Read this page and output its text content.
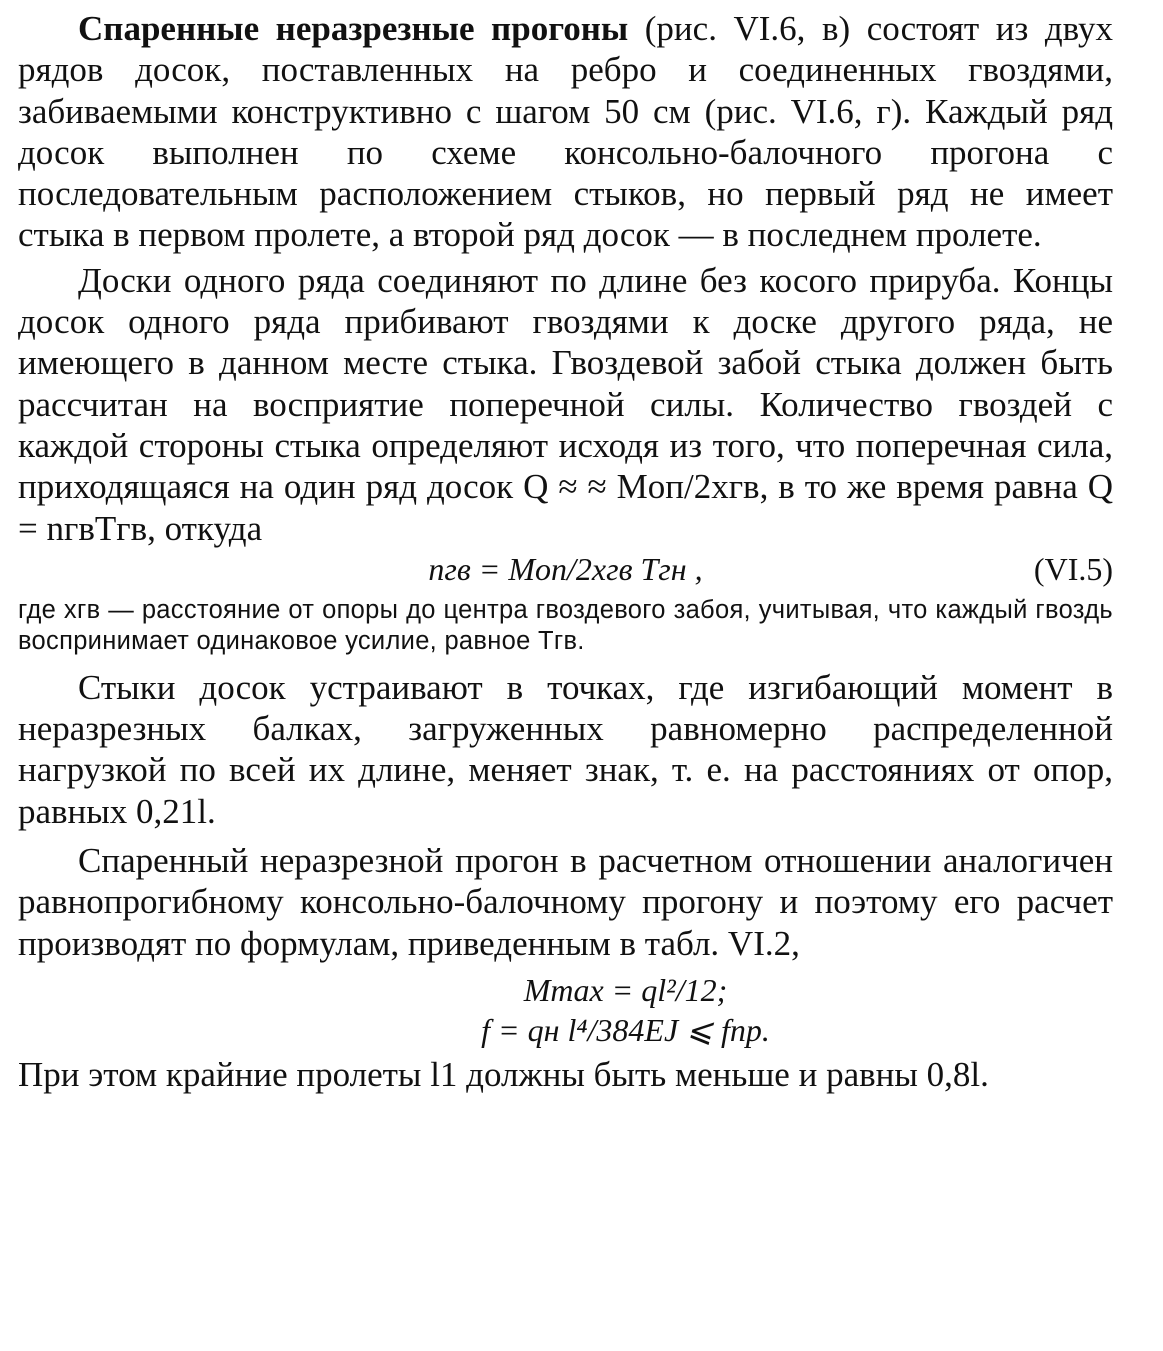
Спаренные неразрезные прогоны (рис. VI.6, в) состоят из двух рядов досок, поставленных на ребро и соединенных гвоздями, забиваемыми конструктивно с шагом 50 см (рис. VI.6, г). Каждый ряд досок выполнен по схеме консольно-балочного прогона с последовательным расположением стыков, но первый ряд не имеет стыка в первом пролете, а второй ряд досок — в последнем пролете.

Доски одного ряда соединяют по длине без косого прируба. Концы досок одного ряда прибивают гвоздями к доске другого ряда, не имеющего в данном месте стыка. Гвоздевой забой стыка должен быть рассчитан на восприятие поперечной силы. Количество гвоздей с каждой стороны стыка определяют исходя из того, что поперечная сила, приходящаяся на один ряд досок Q ≈ ≈ Mоп/2xгв, в то же время равна Q = nгвTгв, откуда

nгв = Mоп/2xгв Tгн ,	(VI.5)

где xгв — расстояние от опоры до центра гвоздевого забоя, учитывая, что каждый гвоздь воспринимает одинаковое усилие, равное Tгв.

Стыки досок устраивают в точках, где изгибающий момент в неразрезных балках, загруженных равномерно распределенной нагрузкой по всей их длине, меняет знак, т. е. на расстояниях от опор, равных 0,21l.

Спаренный неразрезной прогон в расчетном отношении аналогичен равнопрогибному консольно-балочному прогону и поэтому его расчет производят по формулам, приведенным в табл. VI.2,

Mmax = ql²/12;
f = qн l⁴/384EJ ⩽ fпр.

При этом крайние пролеты l1 должны быть меньше и равны 0,8l.
